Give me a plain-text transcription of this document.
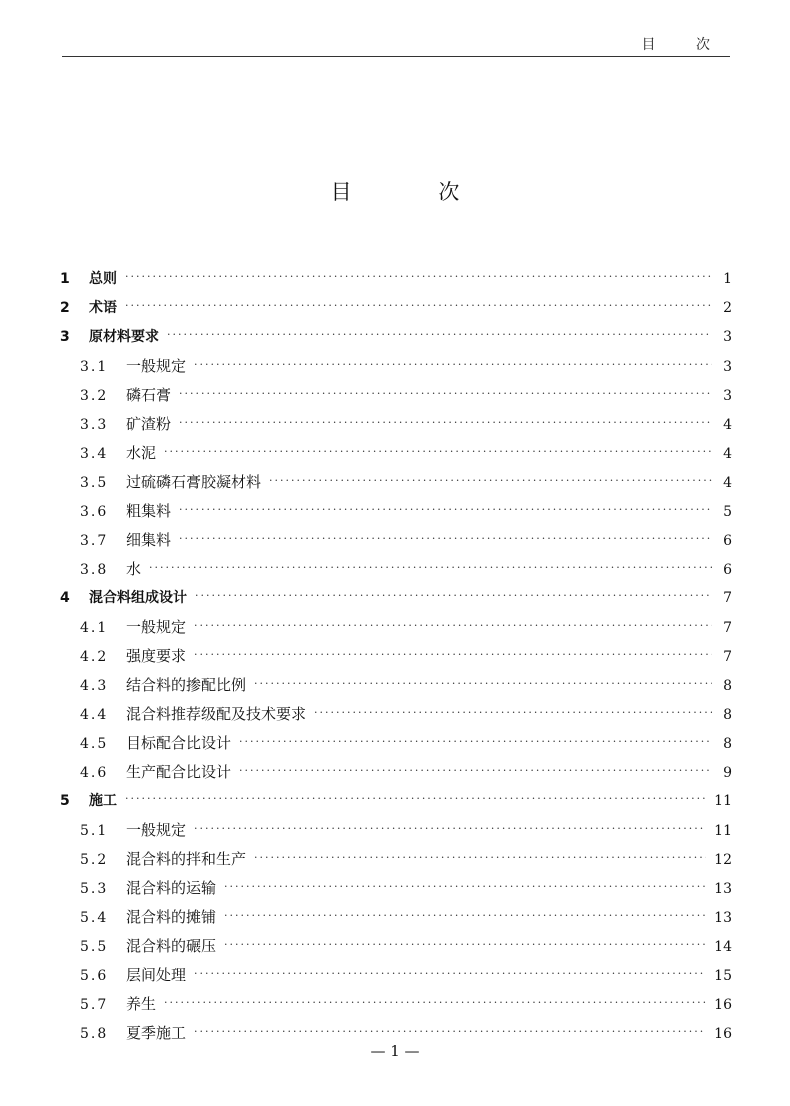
目 次
目 次
1	总则 ·····	1
2	术语 ·····	2
3	原材料要求 ·····	3
3.1	一般规定 ·····	3
3.2	磷石膏 ·····	3
3.3	矿渣粉 ·····	4
3.4	水泥 ·····	4
3.5	过硫磷石膏胶凝材料 ·····	4
3.6	粗集料 ·····	5
3.7	细集料 ·····	6
3.8	水 ·····	6
4	混合料组成设计 ·····	7
4.1	一般规定 ·····	7
4.2	强度要求 ·····	7
4.3	结合料的掺配比例 ·····	8
4.4	混合料推荐级配及技术要求 ·····	8
4.5	目标配合比设计 ·····	8
4.6	生产配合比设计 ·····	9
5	施工 ·····	11
5.1	一般规定 ·····	11
5.2	混合料的拌和生产 ·····	12
5.3	混合料的运输 ·····	13
5.4	混合料的摊铺 ·····	13
5.5	混合料的碾压 ·····	14
5.6	层间处理 ·····	15
5.7	养生 ·····	16
5.8	夏季施工 ·····	16
— 1 —
